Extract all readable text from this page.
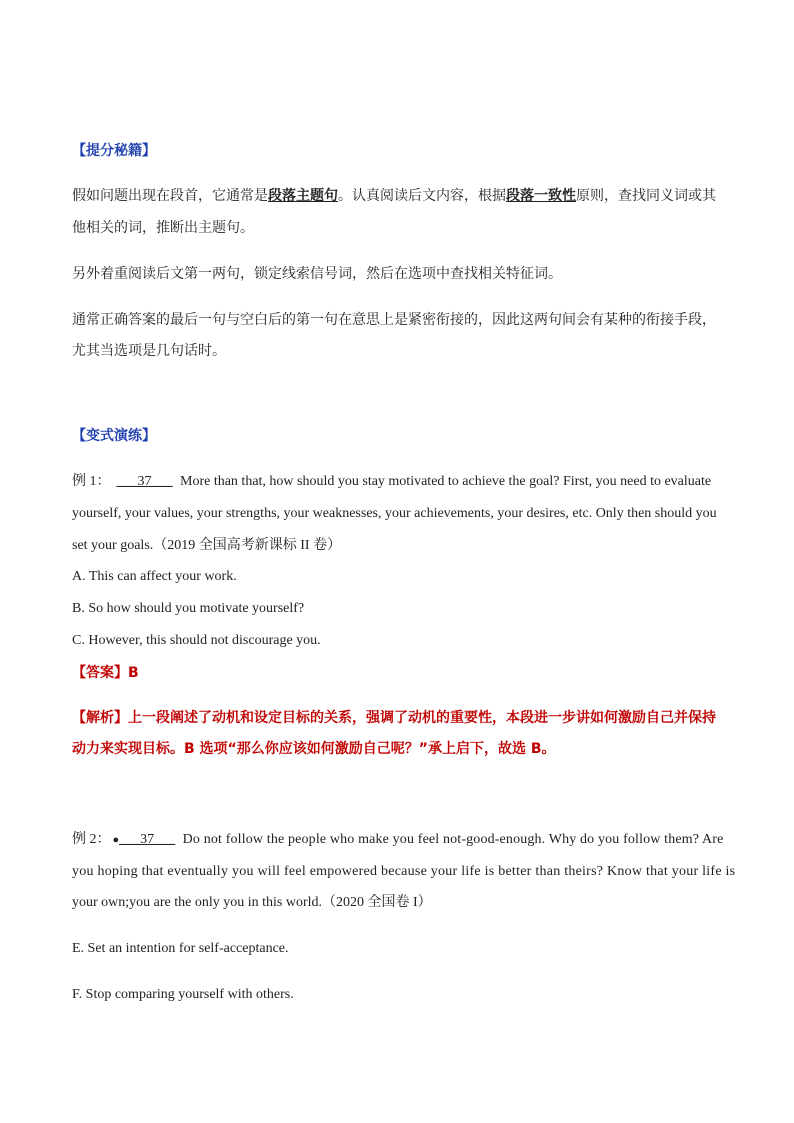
【提分秘籍】
假如问题出现在段首，它通常是段落主题句。认真阅读后文内容，根据段落一致性原则，查找同义词或其
他相关的词，推断出主题句。
另外着重阅读后文第一两句，锁定线索信号词，然后在选项中查找相关特征词。
通常正确答案的最后一句与空白后的第一句在意思上是紧密衔接的，因此这两句间会有某种的衔接手段，
尤其当选项是几句话时。
【变式演练】
例 1： ___37___ More than that, how should you stay motivated to achieve the goal? First, you need to evaluate
yourself, your values, your strengths, your weaknesses, your achievements, your desires, etc. Only then should you
set your goals.（2019 全国高考新课标 II 卷）
A. This can affect your work.
B. So how should you motivate yourself?
C. However, this should not discourage you.
【答案】B
【解析】上一段阐述了动机和设定目标的关系，强调了动机的重要性，本段进一步讲如何激励自己并保持
动力来实现目标。B 选项“那么你应该如何激励自己呢？”承上启下，故选 B。
例 2： ●___37___ Do not follow the people who make you feel not-good-enough. Why do you follow them? Are
you hoping that eventually you will feel empowered because your life is better than theirs? Know that your life is
your own;you are the only you in this world.（2020 全国卷 I）
E. Set an intention for self-acceptance.
F. Stop comparing yourself with others.
